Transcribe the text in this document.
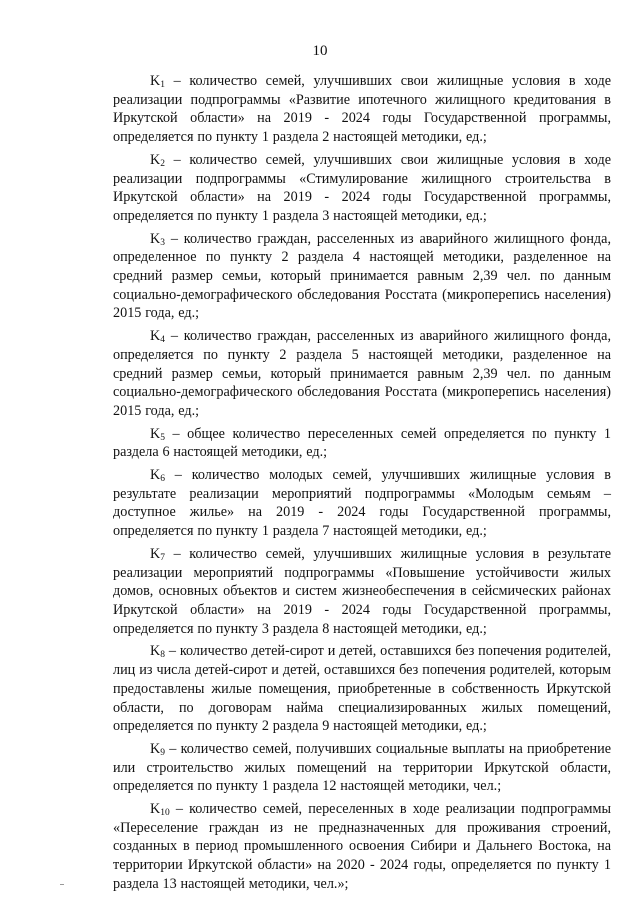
10

$K_1$ – количество семей, улучшивших свои жилищные условия в ходе реализации подпрограммы «Развитие ипотечного жилищного кредитования в Иркутской области» на 2019 - 2024 годы Государственной программы, определяется по пункту 1 раздела 2 настоящей методики, ед.;

$K_2$ – количество семей, улучшивших свои жилищные условия в ходе реализации подпрограммы «Стимулирование жилищного строительства в Иркутской области» на 2019 - 2024 годы Государственной программы, определяется по пункту 1 раздела 3 настоящей методики, ед.;

$K_3$ – количество граждан, расселенных из аварийного жилищного фонда, определенное по пункту 2 раздела 4 настоящей методики, разделенное на средний размер семьи, который принимается равным 2,39 чел. по данным социально-демографического обследования Росстата (микроперепись населения) 2015 года, ед.;

$K_4$ – количество граждан, расселенных из аварийного жилищного фонда, определяется по пункту 2 раздела 5 настоящей методики, разделенное на средний размер семьи, который принимается равным 2,39 чел. по данным социально-демографического обследования Росстата (микроперепись населения) 2015 года, ед.;

$K_5$ – общее количество переселенных семей определяется по пункту 1 раздела 6 настоящей методики, ед.;

$K_6$ – количество молодых семей, улучшивших жилищные условия в результате реализации мероприятий подпрограммы «Молодым семьям – доступное жилье» на 2019 - 2024 годы Государственной программы, определяется по пункту 1 раздела 7 настоящей методики, ед.;

$K_7$ – количество семей, улучшивших жилищные условия в результате реализации мероприятий подпрограммы «Повышение устойчивости жилых домов, основных объектов и систем жизнеобеспечения в сейсмических районах Иркутской области» на 2019 - 2024 годы Государственной программы, определяется по пункту 3 раздела 8 настоящей методики, ед.;

$K_8$ – количество детей-сирот и детей, оставшихся без попечения родителей, лиц из числа детей-сирот и детей, оставшихся без попечения родителей, которым предоставлены жилые помещения, приобретенные в собственность Иркутской области, по договорам найма специализированных жилых помещений, определяется по пункту 2 раздела 9 настоящей методики, ед.;

$K_9$ – количество семей, получивших социальные выплаты на приобретение или строительство жилых помещений на территории Иркутской области, определяется по пункту 1 раздела 12 настоящей методики, чел.;

$K_{10}$ – количество семей, переселенных в ходе реализации подпрограммы «Переселение граждан из не предназначенных для проживания строений, созданных в период промышленного освоения Сибири и Дальнего Востока, на территории Иркутской области» на 2020 - 2024 годы, определяется по пункту 1 раздела 13 настоящей методики, чел.»;
